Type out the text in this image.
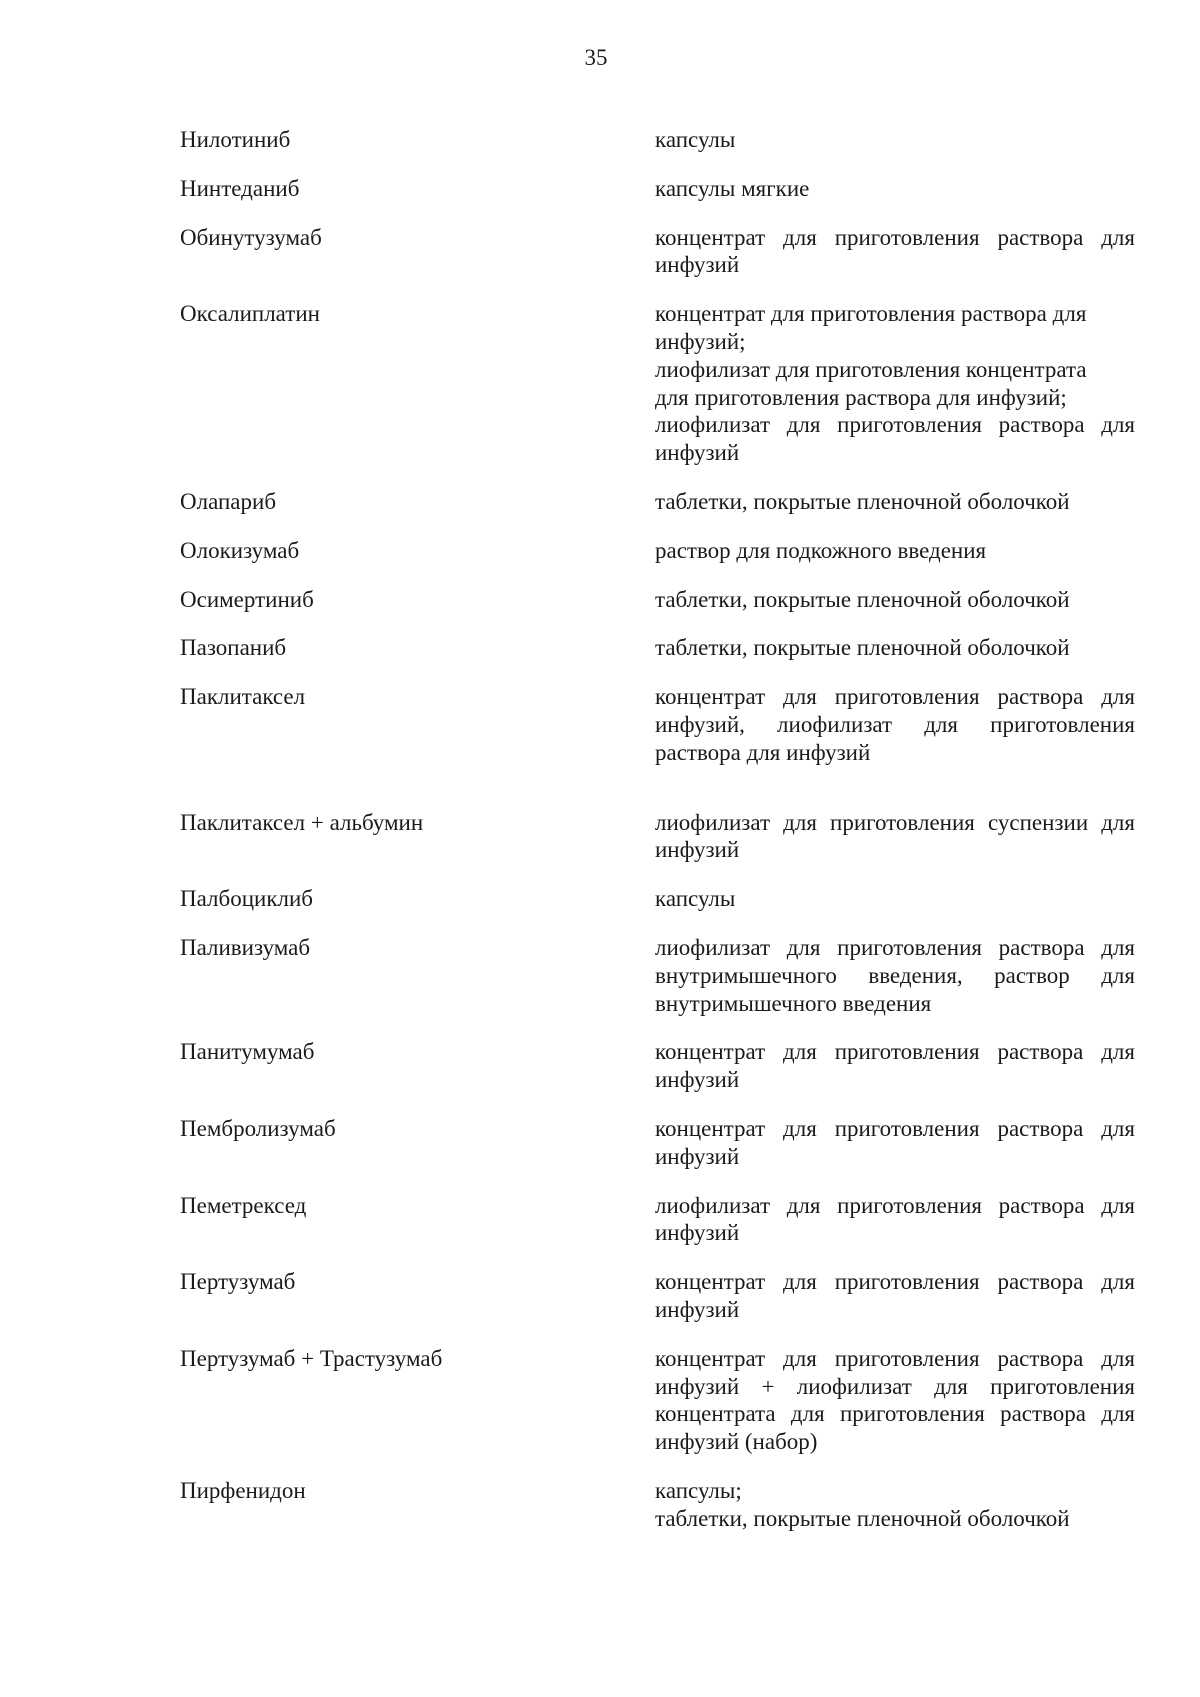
35
Нилотиниб	капсулы
Нинтеданиб	капсулы мягкие
Обинутузумаб	концентрат для приготовления раствора для
инфузий
Оксалиплатин	концентрат для приготовления раствора для
инфузий;
лиофилизат для приготовления концентрата
для приготовления раствора для инфузий;
лиофилизат для приготовления раствора для
инфузий
Олапариб	таблетки, покрытые пленочной оболочкой
Олокизумаб	раствор для подкожного введения
Осимертиниб	таблетки, покрытые пленочной оболочкой
Пазопаниб	таблетки, покрытые пленочной оболочкой
Паклитаксел	концентрат для приготовления раствора для
инфузий, лиофилизат для приготовления
раствора для инфузий
Паклитаксел + альбумин	лиофилизат для приготовления суспензии для
инфузий
Палбоциклиб	капсулы
Паливизумаб	лиофилизат для приготовления раствора для
внутримышечного введения, раствор для
внутримышечного введения
Панитумумаб	концентрат для приготовления раствора для
инфузий
Пембролизумаб	концентрат для приготовления раствора для
инфузий
Пеметрексед	лиофилизат для приготовления раствора для
инфузий
Пертузумаб	концентрат для приготовления раствора для
инфузий
Пертузумаб + Трастузумаб	концентрат для приготовления раствора для
инфузий + лиофилизат для приготовления
концентрата для приготовления раствора для
инфузий (набор)
Пирфенидон	капсулы;
таблетки, покрытые пленочной оболочкой
